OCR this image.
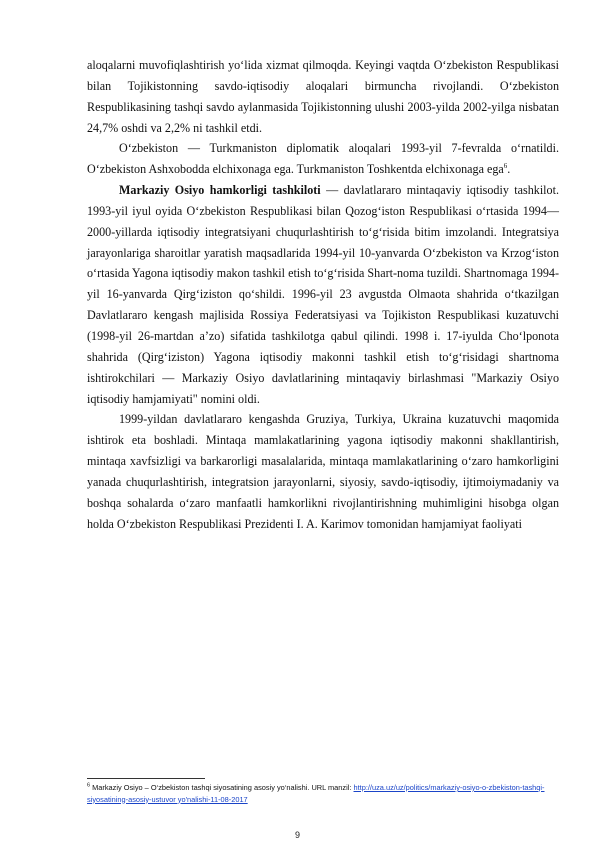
aloqalarni muvofiqlashtirish yo‘lida xizmat qilmoqda. Keyingi vaqtda O‘zbekiston Respublikasi bilan Tojikistonning savdo-iqtisodiy aloqalari birmuncha rivojlandi. O‘zbekiston Respublikasining tashqi savdo aylanmasida Tojikistonning ulushi 2003-yilda 2002-yilga nisbatan 24,7% oshdi va 2,2% ni tashkil etdi.

O‘zbekiston — Turkmaniston diplomatik aloqalari 1993-yil 7-fevralda o‘rnatildi. O‘zbekiston Ashxobodda elchixonaga ega. Turkmaniston Toshkentda elchixonaga ega$^6$.

Markaziy Osiyo hamkorligi tashkiloti — davlatlararo mintaqaviy iqtisodiy tashkilot. 1993-yil iyul oyida O‘zbekiston Respublikasi bilan Qozog‘iston Respublikasi o‘rtasida 1994—2000-yillarda iqtisodiy integratsiyani chuqurlashtirish to‘g‘risida bitim imzolandi. Integratsiya jarayonlariga sharoitlar yaratish maqsadlarida 1994-yil 10-yanvarda O‘zbekiston va Krzog‘iston o‘rtasida Yagona iqtisodiy makon tashkil etish to‘g‘risida Shart-noma tuzildi. Shartnomaga 1994-yil 16-yanvarda Qirg‘iziston qo‘shildi. 1996-yil 23 avgustda Olmaota shahrida o‘tkazilgan Davlatlararo kengash majlisida Rossiya Federatsiyasi va Tojikiston Respublikasi kuzatuvchi (1998-yil 26-martdan a’zo) sifatida tashkilotga qabul qilindi. 1998 i. 17-iyulda Cho‘lponota shahrida (Qirg‘iziston) Yagona iqtisodiy makonni tashkil etish to‘g‘risidagi shartnoma ishtirokchilari — Markaziy Osiyo davlatlarining mintaqaviy birlashmasi "Markaziy Osiyo iqtisodiy hamjamiyati" nomini oldi.

1999-yildan davlatlararo kengashda Gruziya, Turkiya, Ukraina kuzatuvchi maqomida ishtirok eta boshladi. Mintaqa mamlakatlarining yagona iqtisodiy makonni shakllantirish, mintaqa xavfsizligi va barkarorligi masalalarida, mintaqa mamlakatlarining o‘zaro hamkorligini yanada chuqurlashtirish, integratsion jarayonlarni, siyosiy, savdo-iqtisodiy, ijtimoiymadaniy va boshqa sohalarda o‘zaro manfaatli hamkorlikni rivojlantirishning muhimligini hisobga olgan holda O‘zbekiston Respublikasi Prezidenti I. A. Karimov tomonidan hamjamiyat faoliyati

$^6$ Markaziy Osiyo – O‘zbekiston tashqi siyosatining asosiy yo‘nalishi. URL manzil: http://uza.uz/uz/politics/markaziy-osiyo-o-zbekiston-tashqi-siyosatining-asosiy-ustuvor yo'nalishi-11-08-2017
9
